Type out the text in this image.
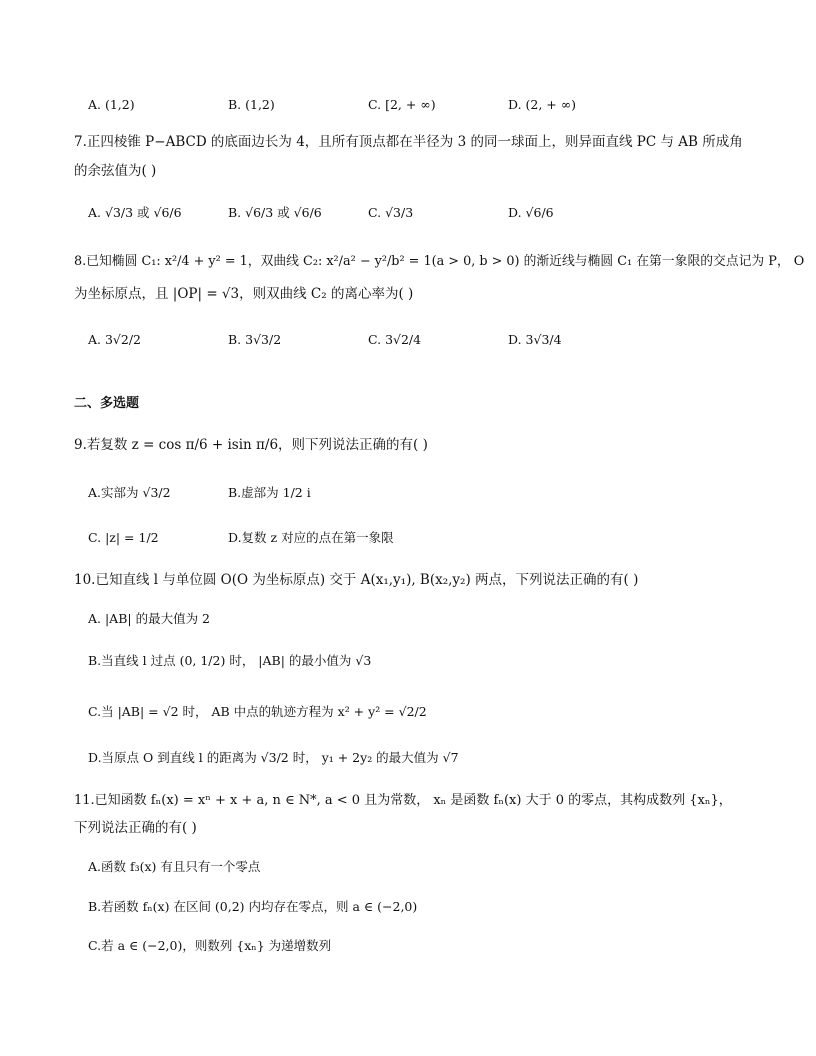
A. (1,2)	B. (1,2)	C. [2, + ∞)	D. (2, + ∞)
7.正四棱锥 P−ABCD 的底面边长为 4，且所有顶点都在半径为 3 的同一球面上，则异面直线 PC 与 AB 所成角
的余弦值为( )
A. √3/3 或 √6/6	B. √6/3 或 √6/6	C. √3/3	D. √6/6
8.已知椭圆 C₁: x²/4 + y² = 1，双曲线 C₂: x²/a² − y²/b² = 1(a > 0, b > 0) 的渐近线与椭圆 C₁ 在第一象限的交点记为 P， O
为坐标原点，且 |OP| = √3，则双曲线 C₂ 的离心率为( )
A. 3√2/2	B. 3√3/2	C. 3√2/4	D. 3√3/4
二、多选题
9.若复数 z = cos π/6 + isin π/6，则下列说法正确的有( )
A.实部为 √3/2	B.虚部为 1/2 i
C. |z| = 1/2	D.复数 z 对应的点在第一象限
10.已知直线 l 与单位圆 O(O 为坐标原点) 交于 A(x₁,y₁), B(x₂,y₂) 两点，下列说法正确的有( )
A. |AB| 的最大值为 2
B.当直线 l 过点 (0, 1/2) 时， |AB| 的最小值为 √3
C.当 |AB| = √2 时， AB 中点的轨迹方程为 x² + y² = √2/2
D.当原点 O 到直线 l 的距离为 √3/2 时， y₁ + 2y₂ 的最大值为 √7
11.已知函数 fₙ(x) = xⁿ + x + a, n ∈ N*, a < 0 且为常数， xₙ 是函数 fₙ(x) 大于 0 的零点，其构成数列 {xₙ}，
下列说法正确的有( )
A.函数 f₃(x) 有且只有一个零点
B.若函数 fₙ(x) 在区间 (0,2) 内均存在零点，则 a ∈ (−2,0)
C.若 a ∈ (−2,0)，则数列 {xₙ} 为递增数列
